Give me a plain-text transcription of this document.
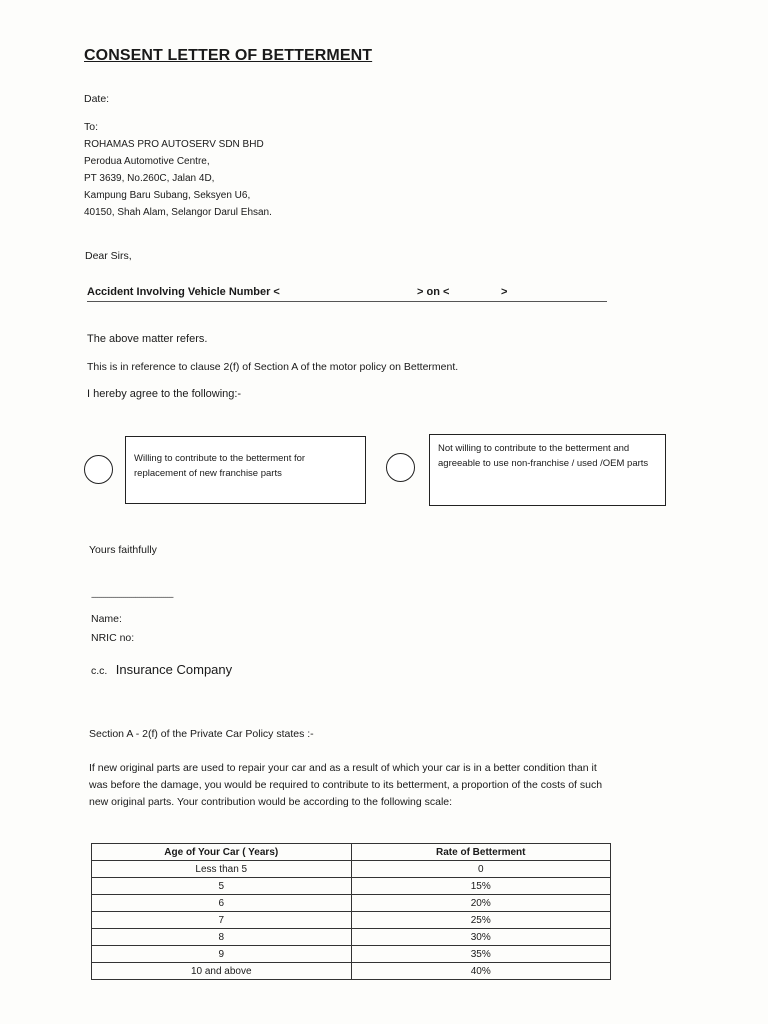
CONSENT LETTER OF BETTERMENT
Date:
To:
ROHAMAS PRO AUTOSERV SDN BHD
Perodua Automotive Centre,
PT 3639, No.260C, Jalan 4D,
Kampung Baru Subang, Seksyen U6,
40150, Shah Alam, Selangor Darul Ehsan.
Dear Sirs,
Accident Involving Vehicle Number <	> on <	>
The above matter refers.
This is in reference to clause 2(f) of Section A of the motor policy on Betterment.
I hereby agree to the following:-
Willing to contribute to the betterment for replacement of new franchise parts
Not willing to contribute to the betterment and agreeable to use non-franchise / used /OEM parts
Yours faithfully
-----------------------------------------
Name:
NRIC no:
c.c. Insurance Company
Section A - 2(f) of the Private Car Policy states :-
If new original parts are used to repair your car and as a result of which your car is in a better condition than it was before the damage, you would be required to contribute to its betterment, a proportion of the costs of such new original parts. Your contribution would be according to the following scale:
Age of Your Car ( Years)	Rate of Betterment
Less than 5	0
5	15%
6	20%
7	25%
8	30%
9	35%
10 and above	40%
